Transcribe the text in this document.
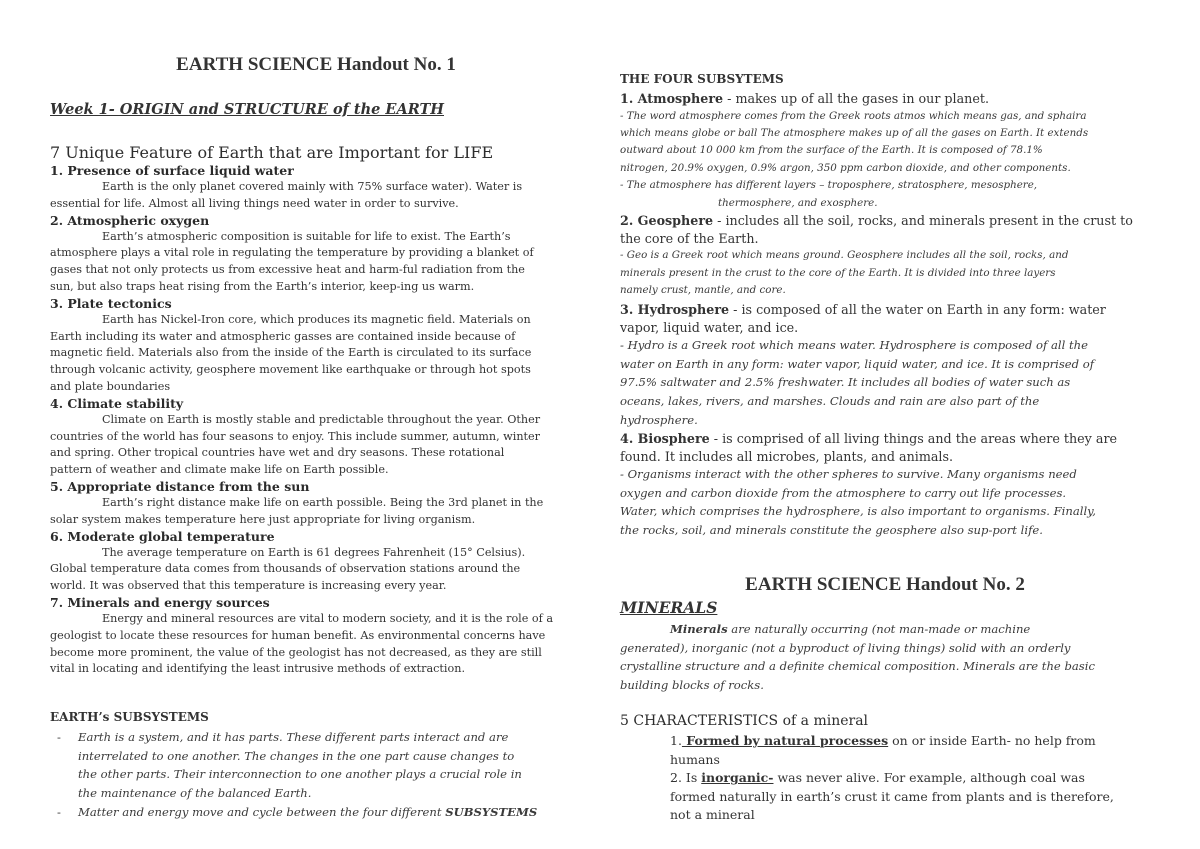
EARTH SCIENCE Handout No. 1
Week 1- ORIGIN and STRUCTURE of the EARTH
7 Unique Feature of Earth that are Important for LIFE
1. Presence of surface liquid water
Earth is the only planet covered mainly with 75% surface water). Water is
essential for life. Almost all living things need water in order to survive.
2. Atmospheric oxygen
Earth’s atmospheric composition is suitable for life to exist. The Earth’s
atmosphere plays a vital role in regulating the temperature by providing a blanket of
gases that not only protects us from excessive heat and harm-ful radiation from the
sun, but also traps heat rising from the Earth’s interior, keep-ing us warm.
3. Plate tectonics
Earth has Nickel-Iron core, which produces its magnetic field. Materials on
Earth including its water and atmospheric gasses are contained inside because of
magnetic field. Materials also from the inside of the Earth is circulated to its surface
through volcanic activity, geosphere movement like earthquake or through hot spots
and plate boundaries
4. Climate stability
Climate on Earth is mostly stable and predictable throughout the year. Other
countries of the world has four seasons to enjoy. This include summer, autumn, winter
and spring. Other tropical countries have wet and dry seasons. These rotational
pattern of weather and climate make life on Earth possible.
5. Appropriate distance from the sun
Earth’s right distance make life on earth possible. Being the 3rd planet in the
solar system makes temperature here just appropriate for living organism.
6. Moderate global temperature
The average temperature on Earth is 61 degrees Fahrenheit (15° Celsius).
Global temperature data comes from thousands of observation stations around the
world. It was observed that this temperature is increasing every year.
7. Minerals and energy sources
Energy and mineral resources are vital to modern society, and it is the role of a
geologist to locate these resources for human benefit. As environmental concerns have
become more prominent, the value of the geologist has not decreased, as they are still
vital in locating and identifying the least intrusive methods of extraction.
EARTH’s SUBSYSTEMS
- Earth is a system, and it has parts. These different parts interact and are
interrelated to one another. The changes in the one part cause changes to
the other parts. Their interconnection to one another plays a crucial role in
the maintenance of the balanced Earth.
- Matter and energy move and cycle between the four different SUBSYSTEMS
THE FOUR SUBSYTEMS
1. Atmosphere - makes up of all the gases in our planet.
- The word atmosphere comes from the Greek roots atmos which means gas, and sphaira
which means globe or ball The atmosphere makes up of all the gases on Earth. It extends
outward about 10 000 km from the surface of the Earth. It is composed of 78.1%
nitrogen, 20.9% oxygen, 0.9% argon, 350 ppm carbon dioxide, and other components.
- The atmosphere has different layers – troposphere, stratosphere, mesosphere,
thermosphere, and exosphere.
2. Geosphere - includes all the soil, rocks, and minerals present in the crust to
the core of the Earth.
- Geo is a Greek root which means ground. Geosphere includes all the soil, rocks, and
minerals present in the crust to the core of the Earth. It is divided into three layers
namely crust, mantle, and core.
3. Hydrosphere - is composed of all the water on Earth in any form: water
vapor, liquid water, and ice.
- Hydro is a Greek root which means water. Hydrosphere is composed of all the
water on Earth in any form: water vapor, liquid water, and ice. It is comprised of
97.5% saltwater and 2.5% freshwater. It includes all bodies of water such as
oceans, lakes, rivers, and marshes. Clouds and rain are also part of the
hydrosphere.
4. Biosphere - is comprised of all living things and the areas where they are
found. It includes all microbes, plants, and animals.
- Organisms interact with the other spheres to survive. Many organisms need
oxygen and carbon dioxide from the atmosphere to carry out life processes.
Water, which comprises the hydrosphere, is also important to organisms. Finally,
the rocks, soil, and minerals constitute the geosphere also sup-port life.
EARTH SCIENCE Handout No. 2
MINERALS
Minerals are naturally occurring (not man-made or machine
generated), inorganic (not a byproduct of living things) solid with an orderly
crystalline structure and a definite chemical composition. Minerals are the basic
building blocks of rocks.
5 CHARACTERISTICS of a mineral
1. Formed by natural processes on or inside Earth- no help from
humans
2. Is inorganic- was never alive. For example, although coal was
formed naturally in earth’s crust it came from plants and is therefore,
not a mineral
